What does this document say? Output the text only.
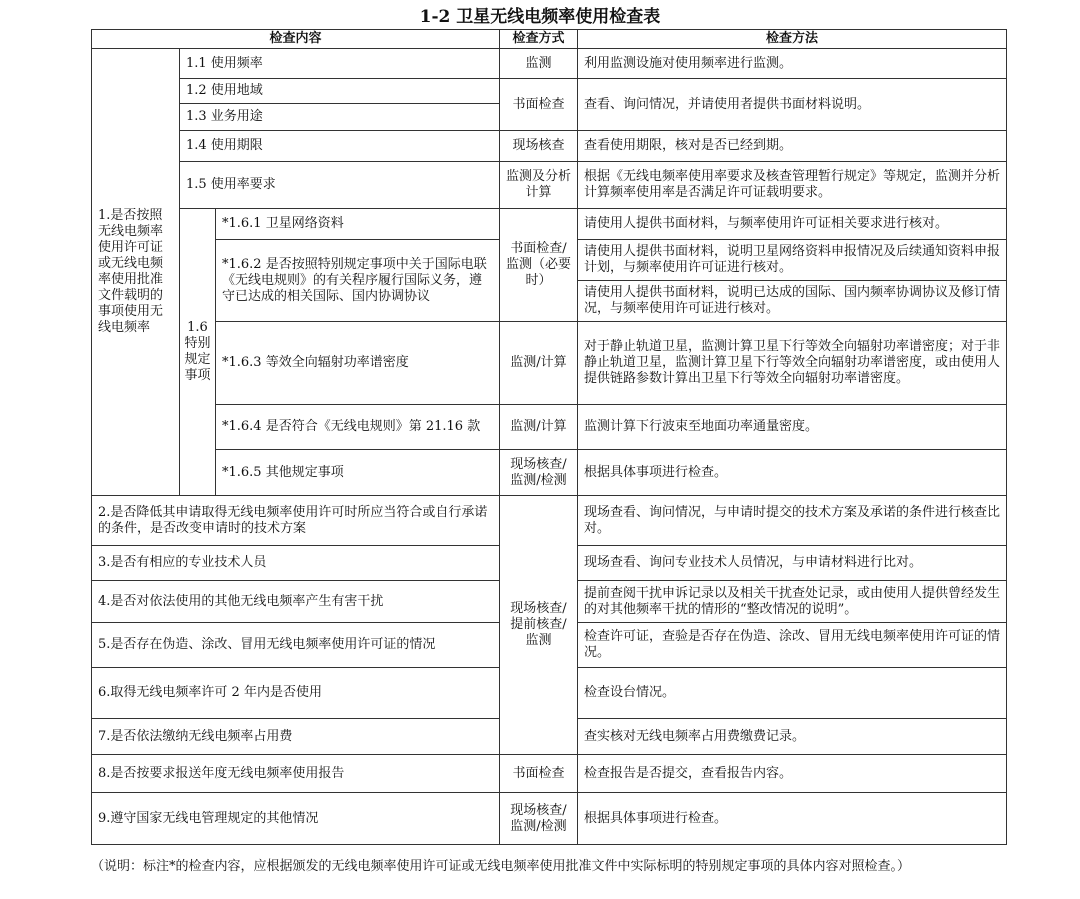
1-2 卫星无线电频率使用检查表
检查内容			检查方式	检查方法
1.是否按照无线电频率使用许可证或无线电频率使用批准文件载明的事项使用无线电频率	1.1 使用频率		监测	利用监测设施对使用频率进行监测。
	1.2 使用地域		书面检查	查看、询问情况，并请使用者提供书面材料说明。
	1.3 业务用途			
	1.4 使用期限		现场核查	查看使用期限，核对是否已经到期。
	1.5 使用率要求		监测及分析计算	根据《无线电频率使用率要求及核查管理暂行规定》等规定，监测并分析计算频率使用率是否满足许可证载明要求。

	1.6特别规定事项	*1.6.1 卫星网络资料	书面检查/监测（必要时）	请使用人提供书面材料，与频率使用许可证相关要求进行核对。
		*1.6.2 是否按照特别规定事项中关于国际电联《无线电规则》的有关程序履行国际义务，遵守已达成的相关国际、国内协调协议		请使用人提供书面材料，说明卫星网络资料申报情况及后续通知资料申报计划，与频率使用许可证进行核对。
				请使用人提供书面材料，说明已达成的国际、国内频率协调协议及修订情况，与频率使用许可证进行核对。
		*1.6.3 等效全向辐射功率谱密度	监测/计算	对于静止轨道卫星，监测计算卫星下行等效全向辐射功率谱密度；对于非静止轨道卫星，监测计算卫星下行等效全向辐射功率谱密度，或由使用人提供链路参数计算出卫星下行等效全向辐射功率谱密度。
		*1.6.4 是否符合《无线电规则》第 21.16 款	监测/计算	监测计算下行波束至地面功率通量密度。
		*1.6.5 其他规定事项	现场核查/监测/检测	根据具体事项进行检查。
2.是否降低其申请取得无线电频率使用许可时所应当符合或自行承诺的条件，是否改变申请时的技术方案			现场核查/提前核查/监测	现场查看、询问情况，与申请时提交的技术方案及承诺的条件进行核查比对。
3.是否有相应的专业技术人员				现场查看、询问专业技术人员情况，与申请材料进行比对。
4.是否对依法使用的其他无线电频率产生有害干扰				提前查阅干扰申诉记录以及相关干扰查处记录，或由使用人提供曾经发生的对其他频率干扰的情形的“整改情况的说明”。
5.是否存在伪造、涂改、冒用无线电频率使用许可证的情况				检查许可证，查验是否存在伪造、涂改、冒用无线电频率使用许可证的情况。
6.取得无线电频率许可 2 年内是否使用				检查设台情况。
7.是否依法缴纳无线电频率占用费				查实核对无线电频率占用费缴费记录。
8.是否按要求报送年度无线电频率使用报告			书面检查	检查报告是否提交，查看报告内容。
9.遵守国家无线电管理规定的其他情况			现场核查/监测/检测	根据具体事项进行检查。
（说明：标注*的检查内容，应根据颁发的无线电频率使用许可证或无线电频率使用批准文件中实际标明的特别规定事项的具体内容对照检查。）
